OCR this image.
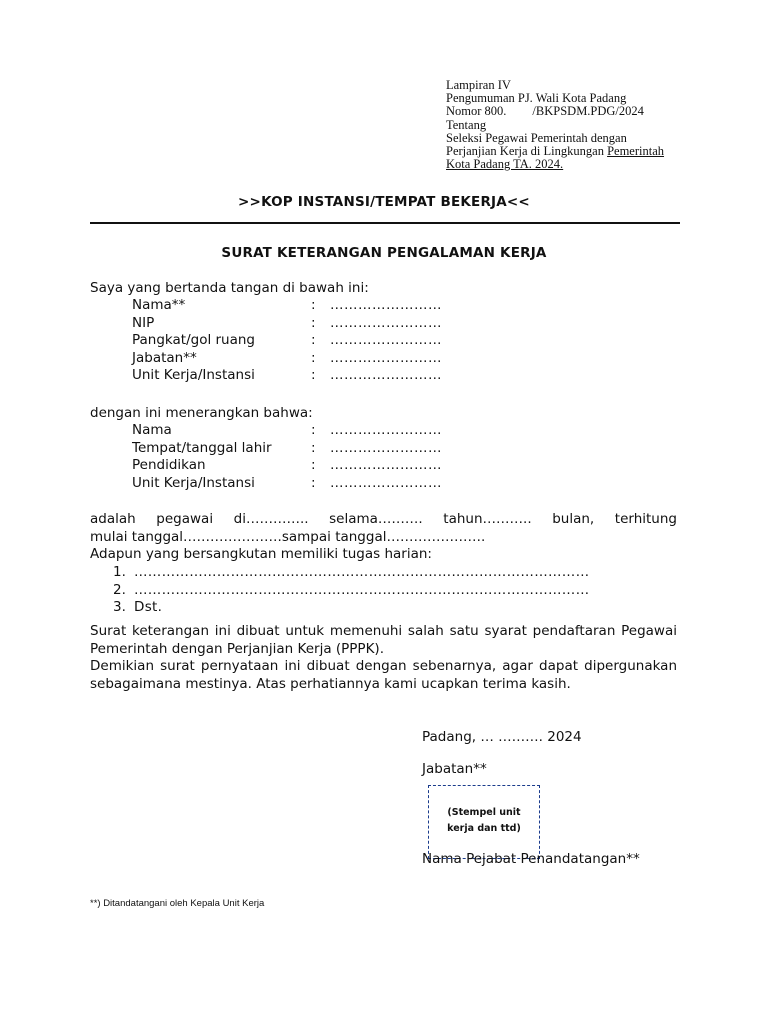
Lampiran IV
Pengumuman PJ. Wali Kota Padang
Nomor 800. /BKPSDM.PDG/2024
Tentang
Seleksi Pegawai Pemerintah dengan
Perjanjian Kerja di Lingkungan Pemerintah
Kota Padang TA. 2024.
>>KOP INSTANSI/TEMPAT BEKERJA<<
SURAT KETERANGAN PENGALAMAN KERJA
Saya yang bertanda tangan di bawah ini:
Nama**	: ……………………
NIP	: ……………………
Pangkat/gol ruang	: ……………………
Jabatan**	: ……………………
Unit Kerja/Instansi	: ……………………
dengan ini menerangkan bahwa:
Nama	: ……………………
Tempat/tanggal lahir	: ……………………
Pendidikan	: ……………………
Unit Kerja/Instansi	: ……………………
adalah pegawai di………….. selama………. tahun……….. bulan, terhitung
mulai tanggal………………….sampai tanggal………………….
Adapun yang bersangkutan memiliki tugas harian:
1. ………………………………………………………………………………………
2. ………………………………………………………………………………………
3. Dst.
Surat keterangan ini dibuat untuk memenuhi salah satu syarat pendaftaran Pegawai Pemerintah dengan Perjanjian Kerja (PPPK).
Demikian surat pernyataan ini dibuat dengan sebenarnya, agar dapat dipergunakan sebagaimana mestinya. Atas perhatiannya kami ucapkan terima kasih.
Padang, … ………. 2024
Jabatan**
(Stempel unit
kerja dan ttd)
Nama Pejabat Penandatangan**
**) Ditandatangani oleh Kepala Unit Kerja
